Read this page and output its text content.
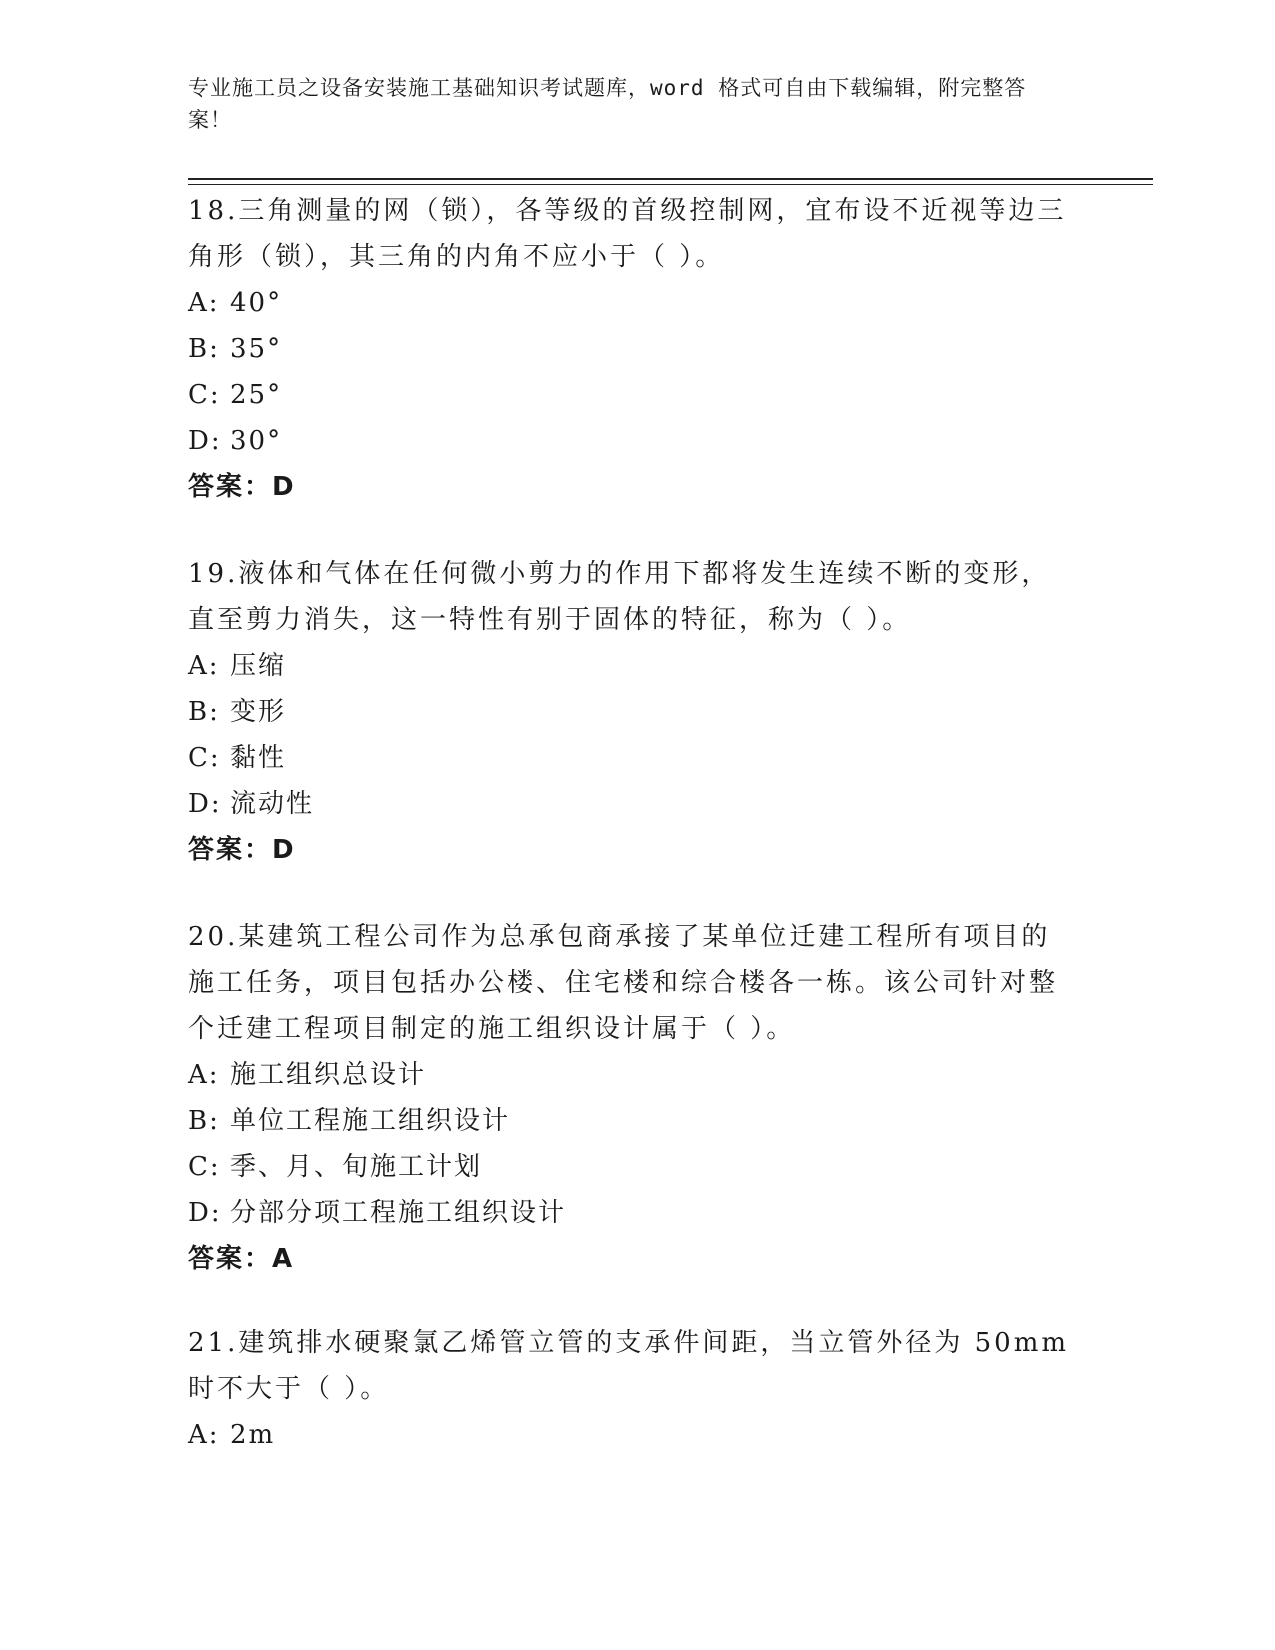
专业施工员之设备安装施工基础知识考试题库，word 格式可自由下载编辑，附完整答案！

18.三角测量的网（锁），各等级的首级控制网，宜布设不近视等边三角形（锁），其三角的内角不应小于（ ）。

A: 40°

B: 35°

C: 25°

D: 30°

答案：D

19.液体和气体在任何微小剪力的作用下都将发生连续不断的变形，直至剪力消失，这一特性有别于固体的特征，称为（ ）。

A: 压缩

B: 变形

C: 黏性

D: 流动性

答案：D

20.某建筑工程公司作为总承包商承接了某单位迁建工程所有项目的施工任务，项目包括办公楼、住宅楼和综合楼各一栋。该公司针对整个迁建工程项目制定的施工组织设计属于（ ）。

A: 施工组织总设计

B: 单位工程施工组织设计

C: 季、月、旬施工计划

D: 分部分项工程施工组织设计

答案：A

21.建筑排水硬聚氯乙烯管立管的支承件间距，当立管外径为 50mm 时不大于（ ）。

A: 2m
